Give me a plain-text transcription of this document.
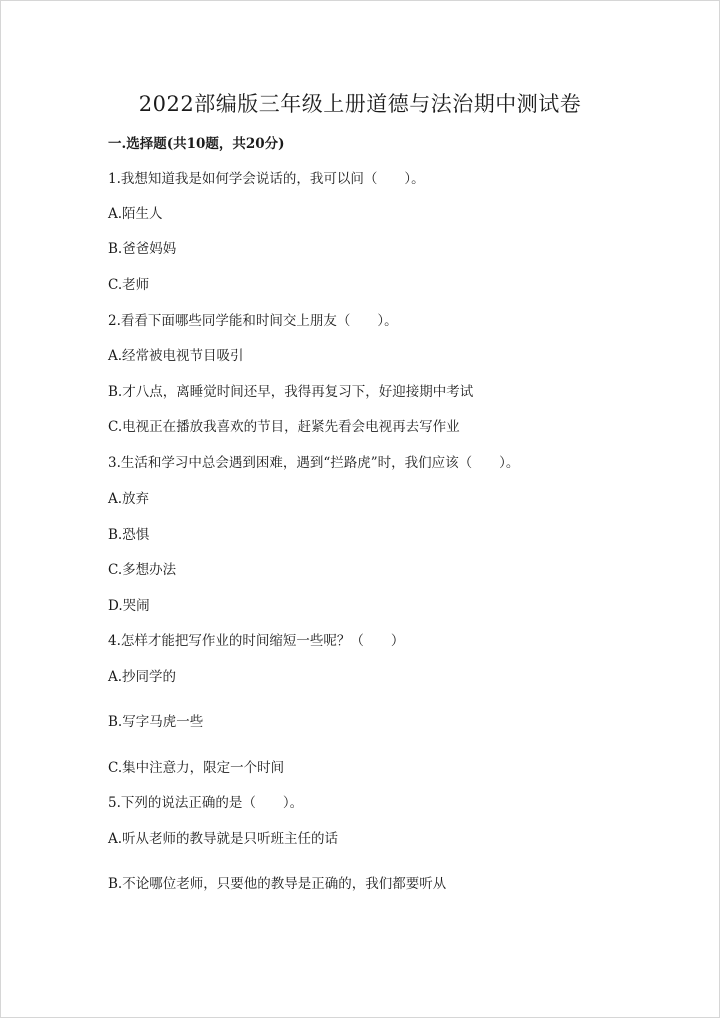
2022部编版三年级上册道德与法治期中测试卷
一.选择题(共10题，共20分)
1.我想知道我是如何学会说话的，我可以问（　　）。
A.陌生人
B.爸爸妈妈
C.老师
2.看看下面哪些同学能和时间交上朋友（　　）。
A.经常被电视节目吸引
B.才八点，离睡觉时间还早，我得再复习下，好迎接期中考试
C.电视正在播放我喜欢的节目，赶紧先看会电视再去写作业
3.生活和学习中总会遇到困难，遇到“拦路虎”时，我们应该（　　）。
A.放弃
B.恐惧
C.多想办法
D.哭闹
4.怎样才能把写作业的时间缩短一些呢？（　　）
A.抄同学的
B.写字马虎一些
C.集中注意力，限定一个时间
5.下列的说法正确的是（　　）。
A.听从老师的教导就是只听班主任的话
B.不论哪位老师，只要他的教导是正确的，我们都要听从
